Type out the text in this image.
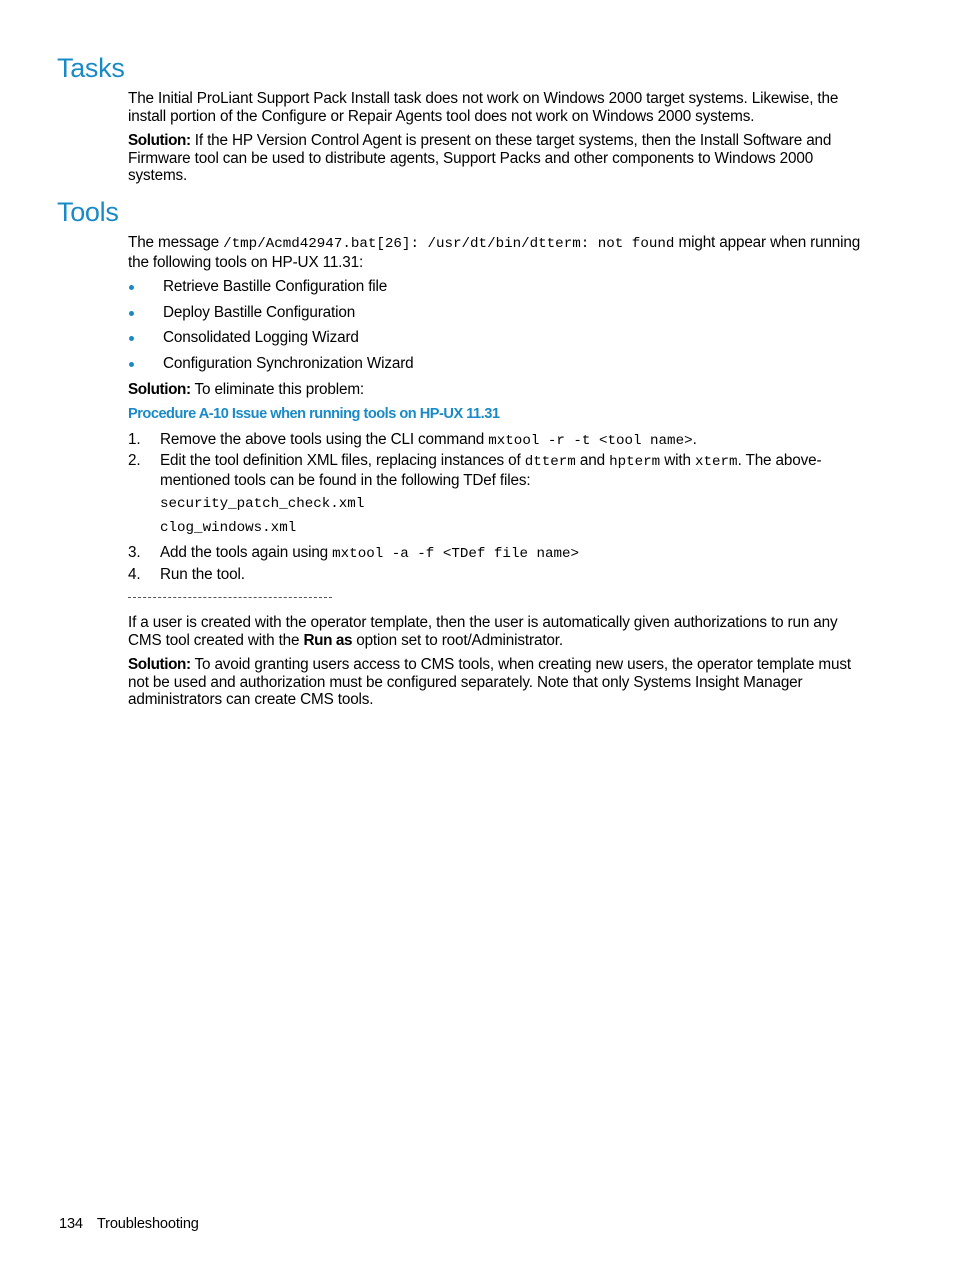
Tasks

The Initial ProLiant Support Pack Install task does not work on Windows 2000 target systems. Likewise, the install portion of the Configure or Repair Agents tool does not work on Windows 2000 systems.

Solution: If the HP Version Control Agent is present on these target systems, then the Install Software and Firmware tool can be used to distribute agents, Support Packs and other components to Windows 2000 systems.

Tools

The message /tmp/Acmd42947.bat[26]: /usr/dt/bin/dtterm: not found might appear when running the following tools on HP-UX 11.31:

Retrieve Bastille Configuration file
Deploy Bastille Configuration
Consolidated Logging Wizard
Configuration Synchronization Wizard

Solution: To eliminate this problem:

Procedure A-10 Issue when running tools on HP-UX 11.31

1. Remove the above tools using the CLI command mxtool -r -t <tool name>.
2. Edit the tool definition XML files, replacing instances of dtterm and hpterm with xterm. The above-mentioned tools can be found in the following TDef files:
security_patch_check.xml
clog_windows.xml
3. Add the tools again using mxtool -a -f <TDef file name>
4. Run the tool.

If a user is created with the operator template, then the user is automatically given authorizations to run any CMS tool created with the Run as option set to root/Administrator.

Solution: To avoid granting users access to CMS tools, when creating new users, the operator template must not be used and authorization must be configured separately. Note that only Systems Insight Manager administrators can create CMS tools.

134 Troubleshooting
